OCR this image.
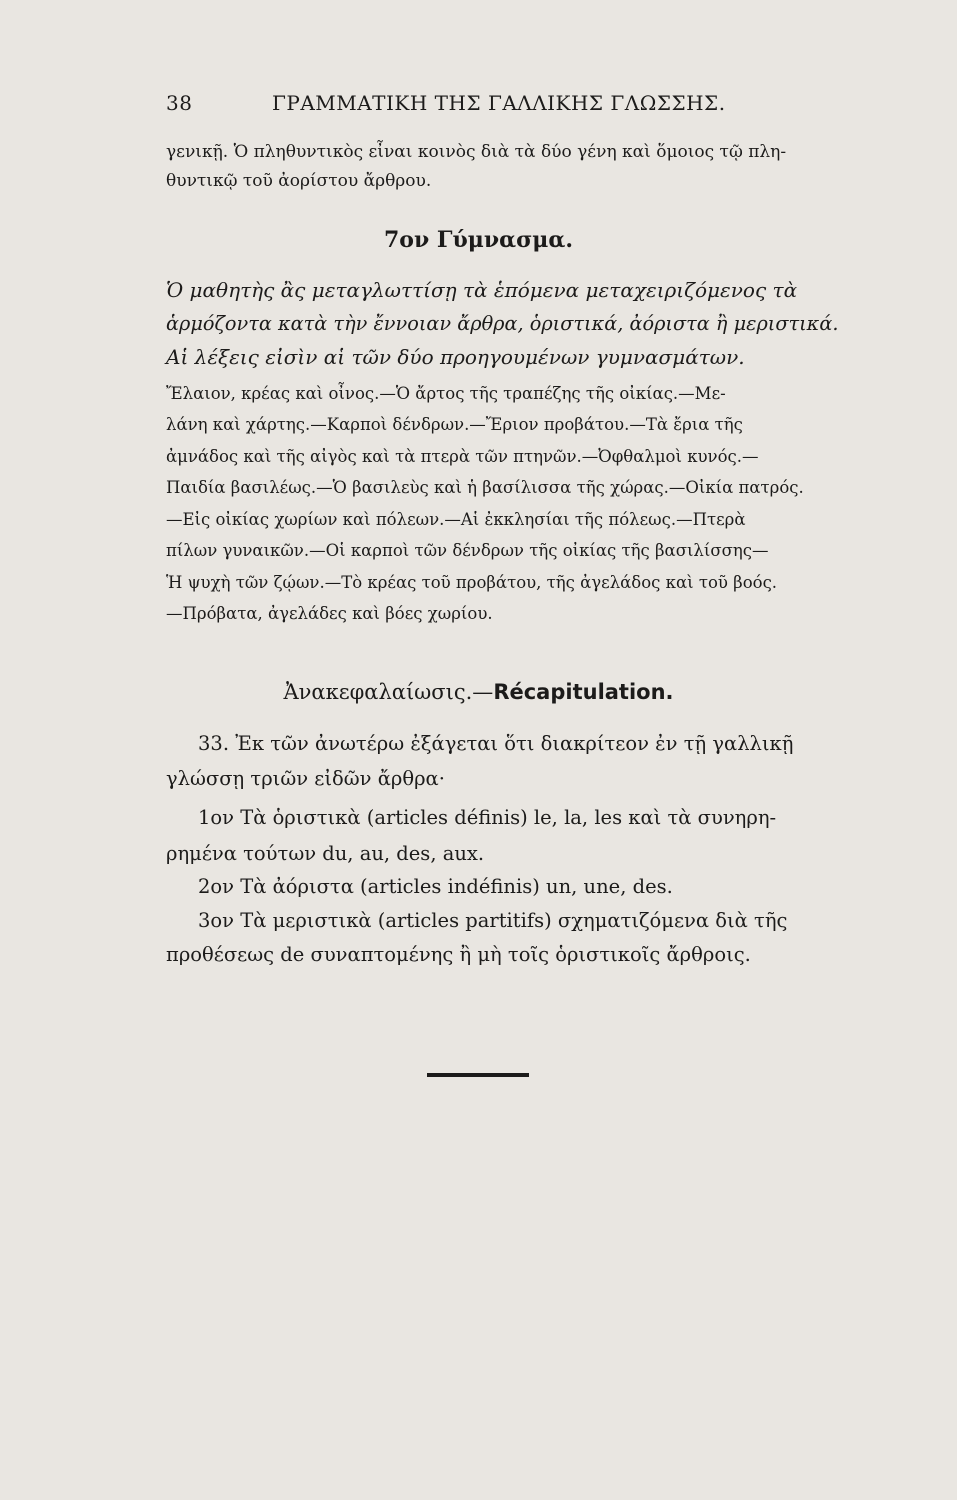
38	ΓΡΑΜΜΑΤΙΚΗ ΤΗΣ ΓΑΛΛΙΚΗΣ ΓΛΩΣΣΗΣ.
γενικῇ. Ὁ πληθυντικὸς εἶναι κοινὸς διὰ τὰ δύο γένη καὶ ὅμοιος τῷ πλη-
θυντικῷ τοῦ ἀορίστου ἄρθρου.
7ον Γύμνασμα.
Ὁ μαθητὴς ἂς μεταγλωττίσῃ τὰ ἑπόμενα μεταχειριζόμενος τὰ
ἁρμόζοντα κατὰ τὴν ἔννοιαν ἄρθρα, ὁριστικά, ἀόριστα ἢ μεριστικά.
Αἱ λέξεις εἰσὶν αἱ τῶν δύο προηγουμένων γυμνασμάτων.
Ἔλαιον, κρέας καὶ οἶνος.—Ὁ ἄρτος τῆς τραπέζης τῆς οἰκίας.—Με-
λάνη καὶ χάρτης.—Καρποὶ δένδρων.—Ἔριον προβάτου.—Τὰ ἔρια τῆς
ἀμνάδος καὶ τῆς αἰγὸς καὶ τὰ πτερὰ τῶν πτηνῶν.—Ὀφθαλμοὶ κυνός.—
Παιδία βασιλέως.—Ὁ βασιλεὺς καὶ ἡ βασίλισσα τῆς χώρας.—Οἰκία πατρός.
—Εἰς οἰκίας χωρίων καὶ πόλεων.—Αἱ ἐκκλησίαι τῆς πόλεως.—Πτερὰ
πίλων γυναικῶν.—Οἱ καρποὶ τῶν δένδρων τῆς οἰκίας τῆς βασιλίσσης—
Ἡ ψυχὴ τῶν ζῴων.—Τὸ κρέας τοῦ προβάτου, τῆς ἀγελάδος καὶ τοῦ βοός.
—Πρόβατα, ἀγελάδες καὶ βόες χωρίου.
Ἀνακεφαλαίωσις.—Récapitulation.
33. Ἐκ τῶν ἀνωτέρω ἐξάγεται ὅτι διακρίτεον ἐν τῇ γαλλικῇ
γλώσσῃ τριῶν εἰδῶν ἄρθρα·
1ον Τὰ ὁριστικὰ (articles définis) le, la, les καὶ τὰ συνηρη-
ρημένα τούτων du, au, des, aux.
2ον Τὰ ἀόριστα (articles indéfinis) un, une, des.
3ον Τὰ μεριστικὰ (articles partitifs) σχηματιζόμενα διὰ τῆς
προθέσεως de συναπτομένης ἢ μὴ τοῖς ὁριστικοῖς ἄρθροις.
